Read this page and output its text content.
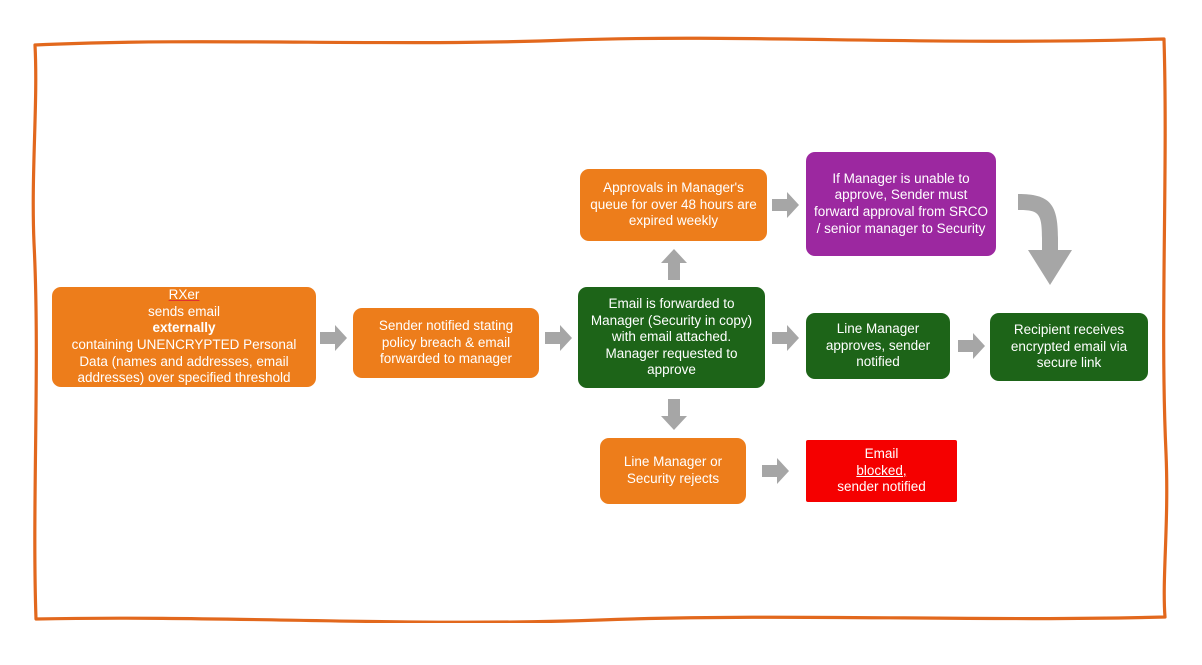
RXer
sends email
externally
containing UNENCRYPTED Personal Data (names and addresses, email addresses) over specified threshold
Sender notified stating policy breach & email forwarded to manager
Approvals in Manager's queue for over 48 hours are expired weekly
If Manager is unable to approve, Sender must forward approval from SRCO / senior manager to Security
Email is forwarded to Manager (Security in copy) with email attached. Manager requested to approve
Line Manager approves, sender notified
Recipient receives encrypted email via secure link
Line Manager or Security rejects
Email
blocked,
sender notified
